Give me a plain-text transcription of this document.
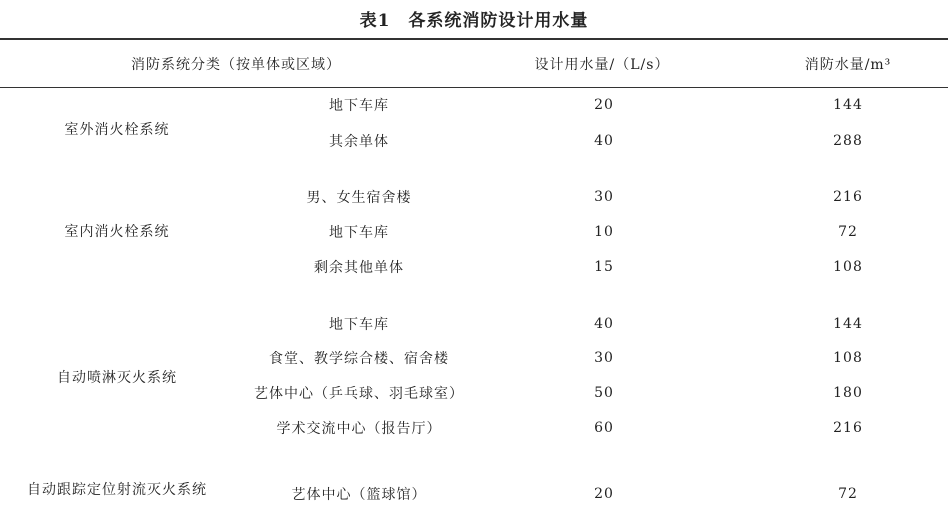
表1　各系统消防设计用水量
消防系统分类（按单体或区域）	设计用水量/（L/s）	消防水量/m³
室外消火栓系统
地下车库	20	144
其余单体	40	288
室内消火栓系统
男、女生宿舍楼	30	216
地下车库	10	72
剩余其他单体	15	108
自动喷淋灭火系统
地下车库	40	144
食堂、教学综合楼、宿舍楼	30	108
艺体中心（乒乓球、羽毛球室）	50	180
学术交流中心（报告厅）	60	216
自动跟踪定位射流灭火系统	艺体中心（篮球馆）	20	72
